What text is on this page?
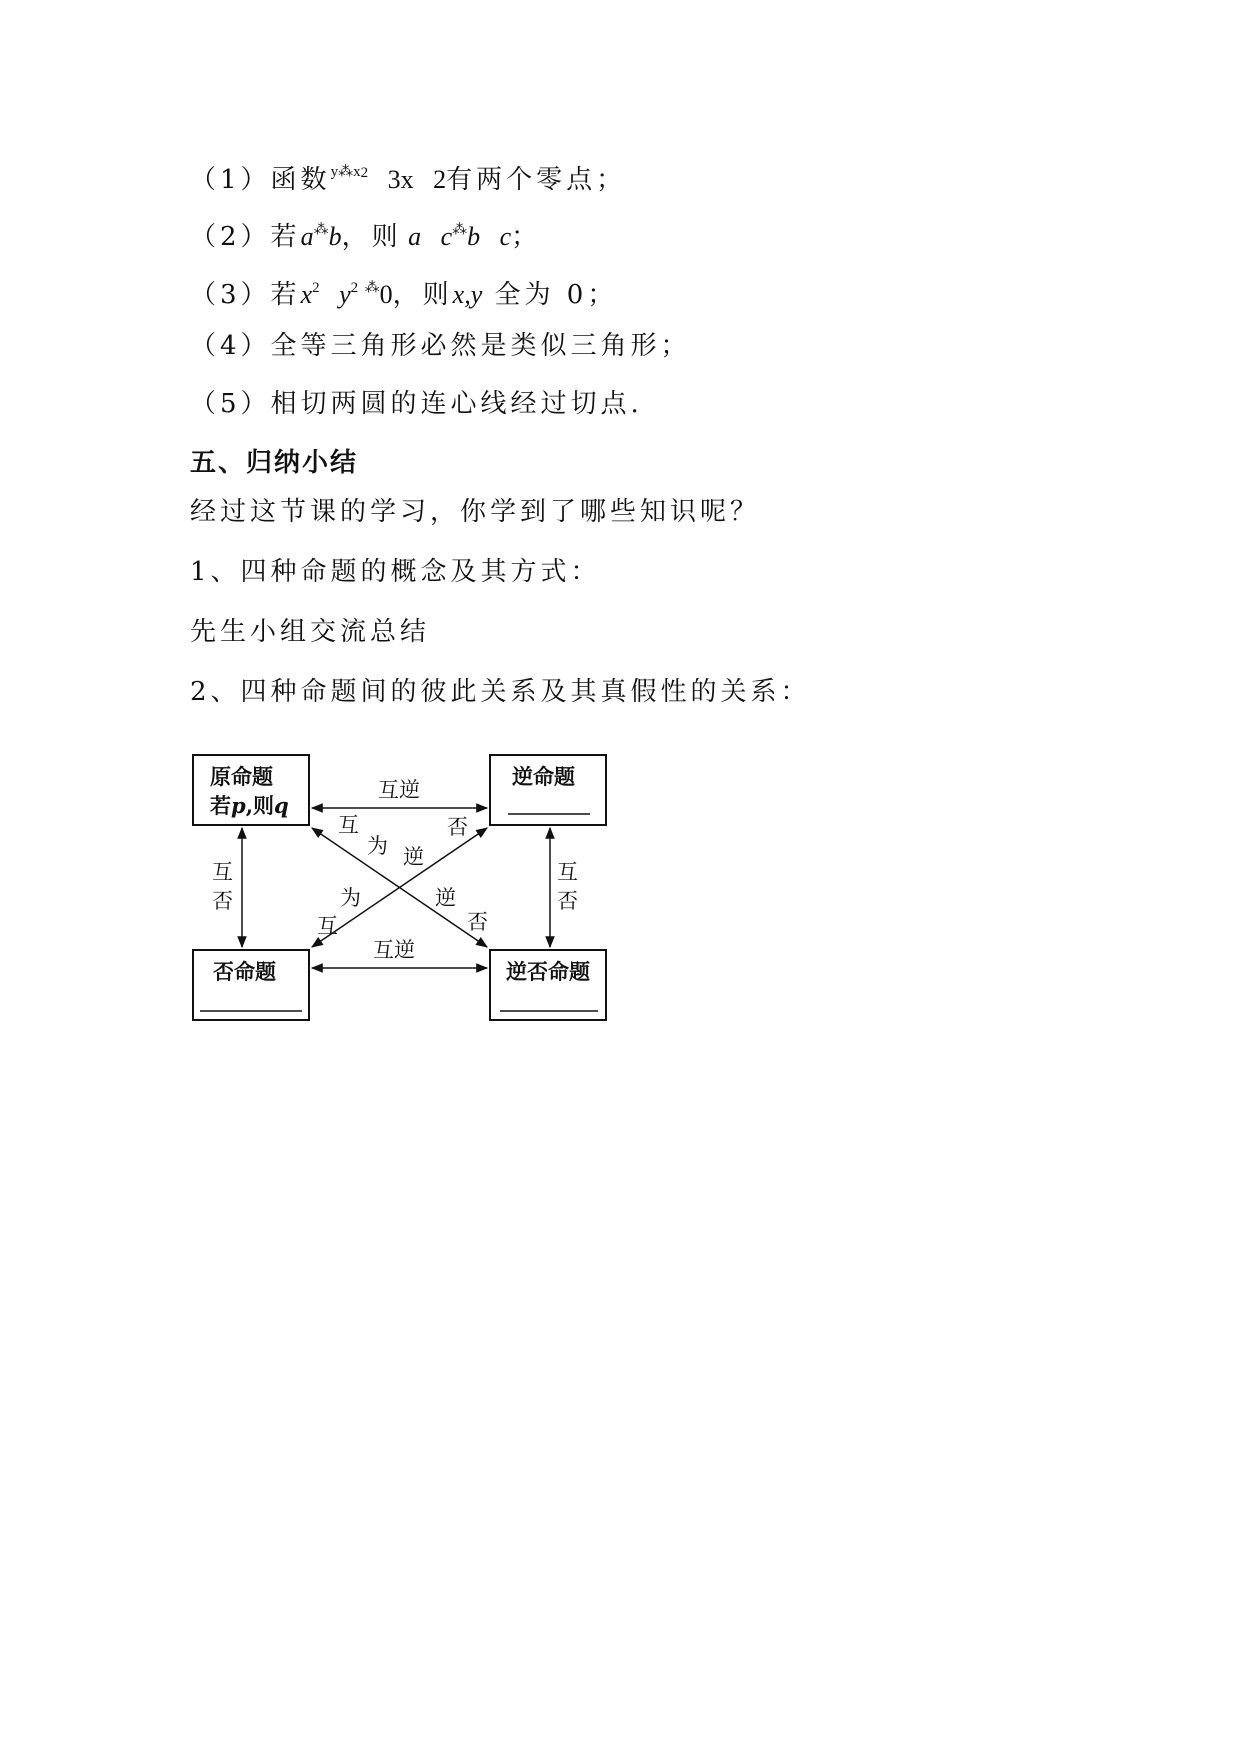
（1）函数$^{y⁂x2}$ 3x 2有两个零点；
（2）若a⁂b，则 a c⁂b c；
（3）若$x^2$ $y^2$ ⁂0，则x,y 全为 0；
（4）全等三角形必然是类似三角形；
（5）相切两圆的连心线经过切点.
五、归纳小结
经过这节课的学习，你学到了哪些知识呢？
1、四种命题的概念及其方式：
先生小组交流总结
2、四种命题间的彼此关系及其真假性的关系：
原命题
若p,则q
逆命题
否命题	逆否命题
互逆
互逆
互
否
互
否
互
为 逆
否
为
互
逆
否
